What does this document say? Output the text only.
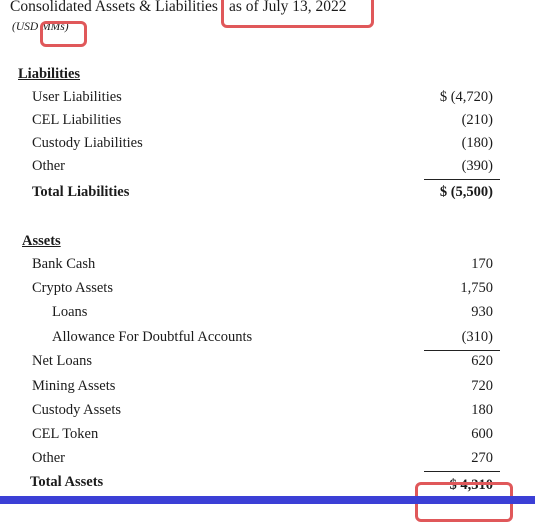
Consolidated Assets & Liabilities as of July 13, 2022
(USD MMs)
Liabilities
User Liabilities	$ (4,720)
CEL Liabilities	(210)
Custody Liabilities	(180)
Other	(390)
Total Liabilities	$ (5,500)
Assets
Bank Cash	170
Crypto Assets	1,750
Loans	930
Allowance For Doubtful Accounts	(310)
Net Loans	620
Mining Assets	720
Custody Assets	180
CEL Token	600
Other	270
Total Assets	$ 4,310
